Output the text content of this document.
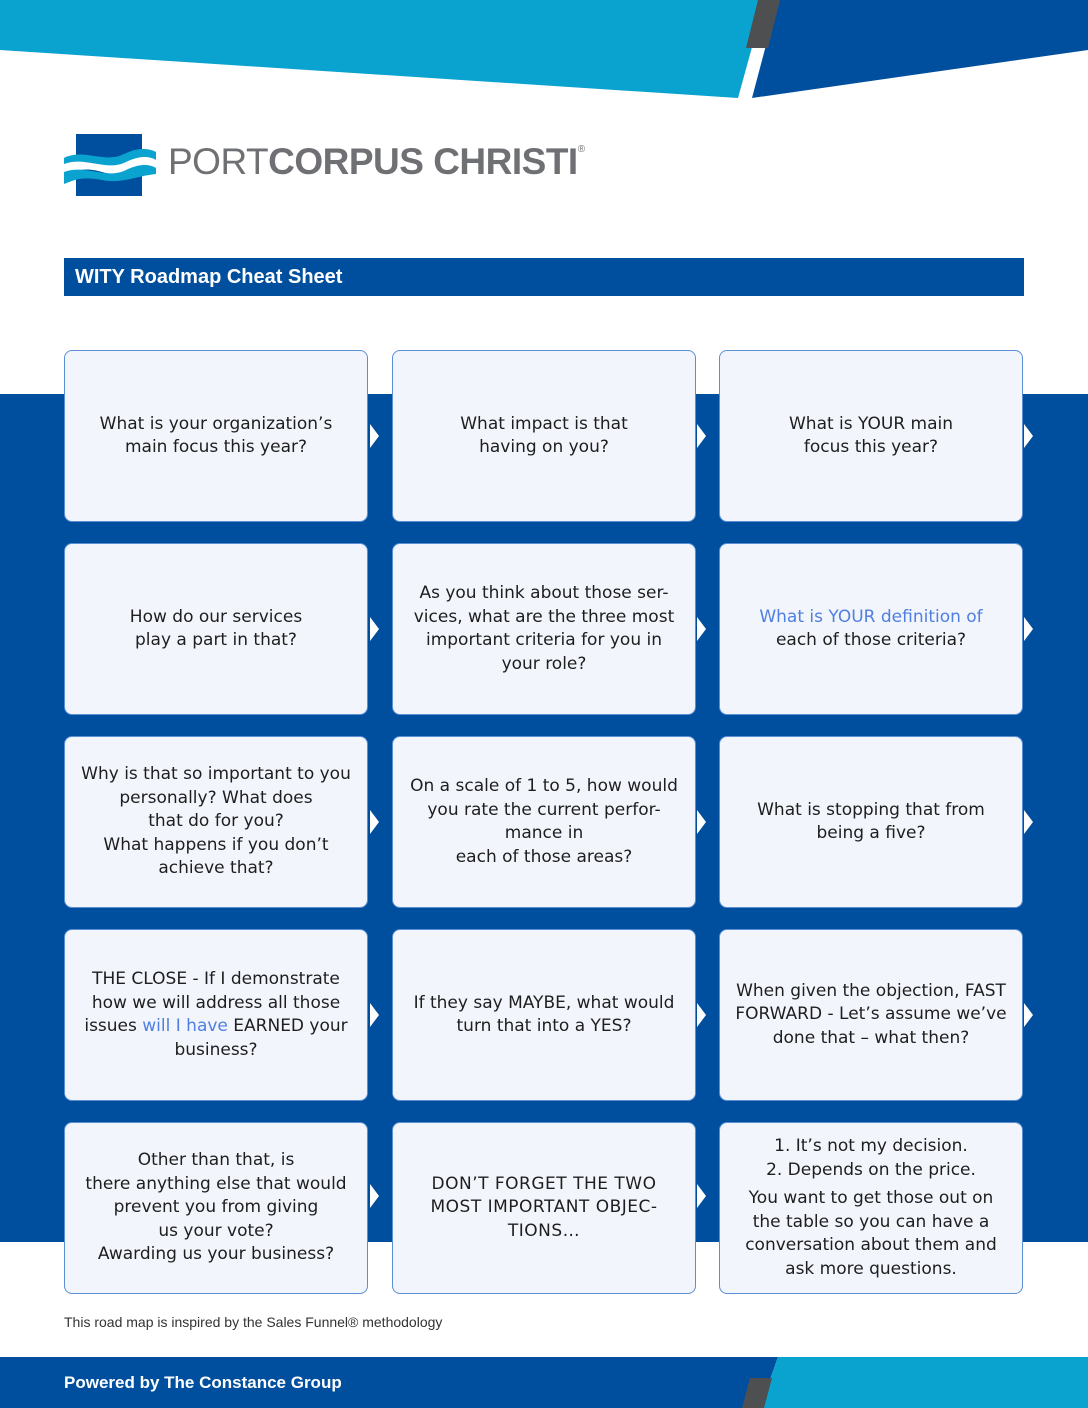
PORTCORPUS CHRISTI®
WITY Roadmap Cheat Sheet
What is your organization’s
main focus this year?
What impact is that
having on you?
What is YOUR main
focus this year?
How do our services
play a part in that?
As you think about those ser-
vices, what are the three most
important criteria for you in
your role?
What is YOUR definition of
each of those criteria?
Why is that so important to you
personally? What does
that do for you?
What happens if you don’t
achieve that?
On a scale of 1 to 5, how would
you rate the current perfor-
mance in
each of those areas?
What is stopping that from
being a five?
THE CLOSE - If I demonstrate
how we will address all those
issues will I have EARNED your
business?
If they say MAYBE, what would
turn that into a YES?
When given the objection, FAST
FORWARD - Let’s assume we’ve
done that – what then?
Other than that, is
there anything else that would
prevent you from giving
us your vote?
Awarding us your business?
DON’T FORGET THE TWO
MOST IMPORTANT OBJEC-
TIONS…
1. It’s not my decision.
2. Depends on the price.
You want to get those out on
the table so you can have a
conversation about them and
ask more questions.
This road map is inspired by the Sales Funnel® methodology
Powered by The Constance Group
